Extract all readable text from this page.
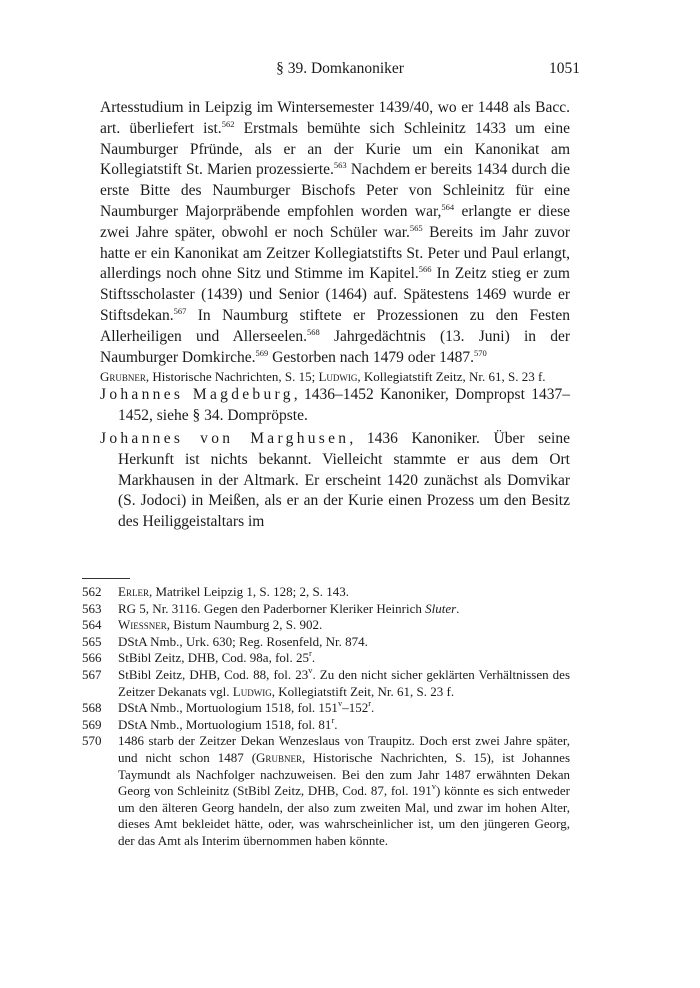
§ 39. Domkanoniker	1051

Artesstudium in Leipzig im Wintersemester 1439/40, wo er 1448 als Bacc. art. überliefert ist.$^{562}$ Erstmals bemühte sich Schleinitz 1433 um eine Naumburger Pfründe, als er an der Kurie um ein Kanonikat am Kollegiatstift St. Marien prozessierte.$^{563}$ Nachdem er bereits 1434 durch die erste Bitte des Naumburger Bischofs Peter von Schleinitz für eine Naumburger Majorpräbende empfohlen worden war,$^{564}$ erlangte er diese zwei Jahre später, obwohl er noch Schüler war.$^{565}$ Bereits im Jahr zuvor hatte er ein Kanonikat am Zeitzer Kollegiatstifts St. Peter und Paul erlangt, allerdings noch ohne Sitz und Stimme im Kapitel.$^{566}$ In Zeitz stieg er zum Stiftsscholaster (1439) und Senior (1464) auf. Spätestens 1469 wurde er Stiftsdekan.$^{567}$ In Naumburg stiftete er Prozessionen zu den Festen Allerheiligen und Allerseelen.$^{568}$ Jahrgedächtnis (13. Juni) in der Naumburger Domkirche.$^{569}$ Gestorben nach 1479 oder 1487.$^{570}$

Grubner, Historische Nachrichten, S. 15; Ludwig, Kollegiatstift Zeitz, Nr. 61, S. 23 f.

Johannes Magdeburg, 1436–1452 Kanoniker, Dompropst 1437–1452, siehe § 34. Dompröpste.

Johannes von Marghusen, 1436 Kanoniker. Über seine Herkunft ist nichts bekannt. Vielleicht stammte er aus dem Ort Markhausen in der Altmark. Er erscheint 1420 zunächst als Domvikar (S. Jodoci) in Meißen, als er an der Kurie einen Prozess um den Besitz des Heiliggeistaltars im

562	Erler, Matrikel Leipzig 1, S. 128; 2, S. 143.
563	RG 5, Nr. 3116. Gegen den Paderborner Kleriker Heinrich Sluter.
564	Wiessner, Bistum Naumburg 2, S. 902.
565	DStA Nmb., Urk. 630; Reg. Rosenfeld, Nr. 874.
566	StBibl Zeitz, DHB, Cod. 98a, fol. 25$^r$.
567	StBibl Zeitz, DHB, Cod. 88, fol. 23$^v$. Zu den nicht sicher geklärten Verhältnissen des Zeitzer Dekanats vgl. Ludwig, Kollegiatstift Zeit, Nr. 61, S. 23 f.
568	DStA Nmb., Mortuologium 1518, fol. 151$^v$–152$^r$.
569	DStA Nmb., Mortuologium 1518, fol. 81$^r$.
570	1486 starb der Zeitzer Dekan Wenzeslaus von Traupitz. Doch erst zwei Jahre später, und nicht schon 1487 (Grubner, Historische Nachrichten, S. 15), ist Johannes Taymundt als Nachfolger nachzuweisen. Bei den zum Jahr 1487 erwähnten Dekan Georg von Schleinitz (StBibl Zeitz, DHB, Cod. 87, fol. 191$^v$) könnte es sich entweder um den älteren Georg handeln, der also zum zweiten Mal, und zwar im hohen Alter, dieses Amt bekleidet hätte, oder, was wahrscheinlicher ist, um den jüngeren Georg, der das Amt als Interim übernommen haben könnte.
